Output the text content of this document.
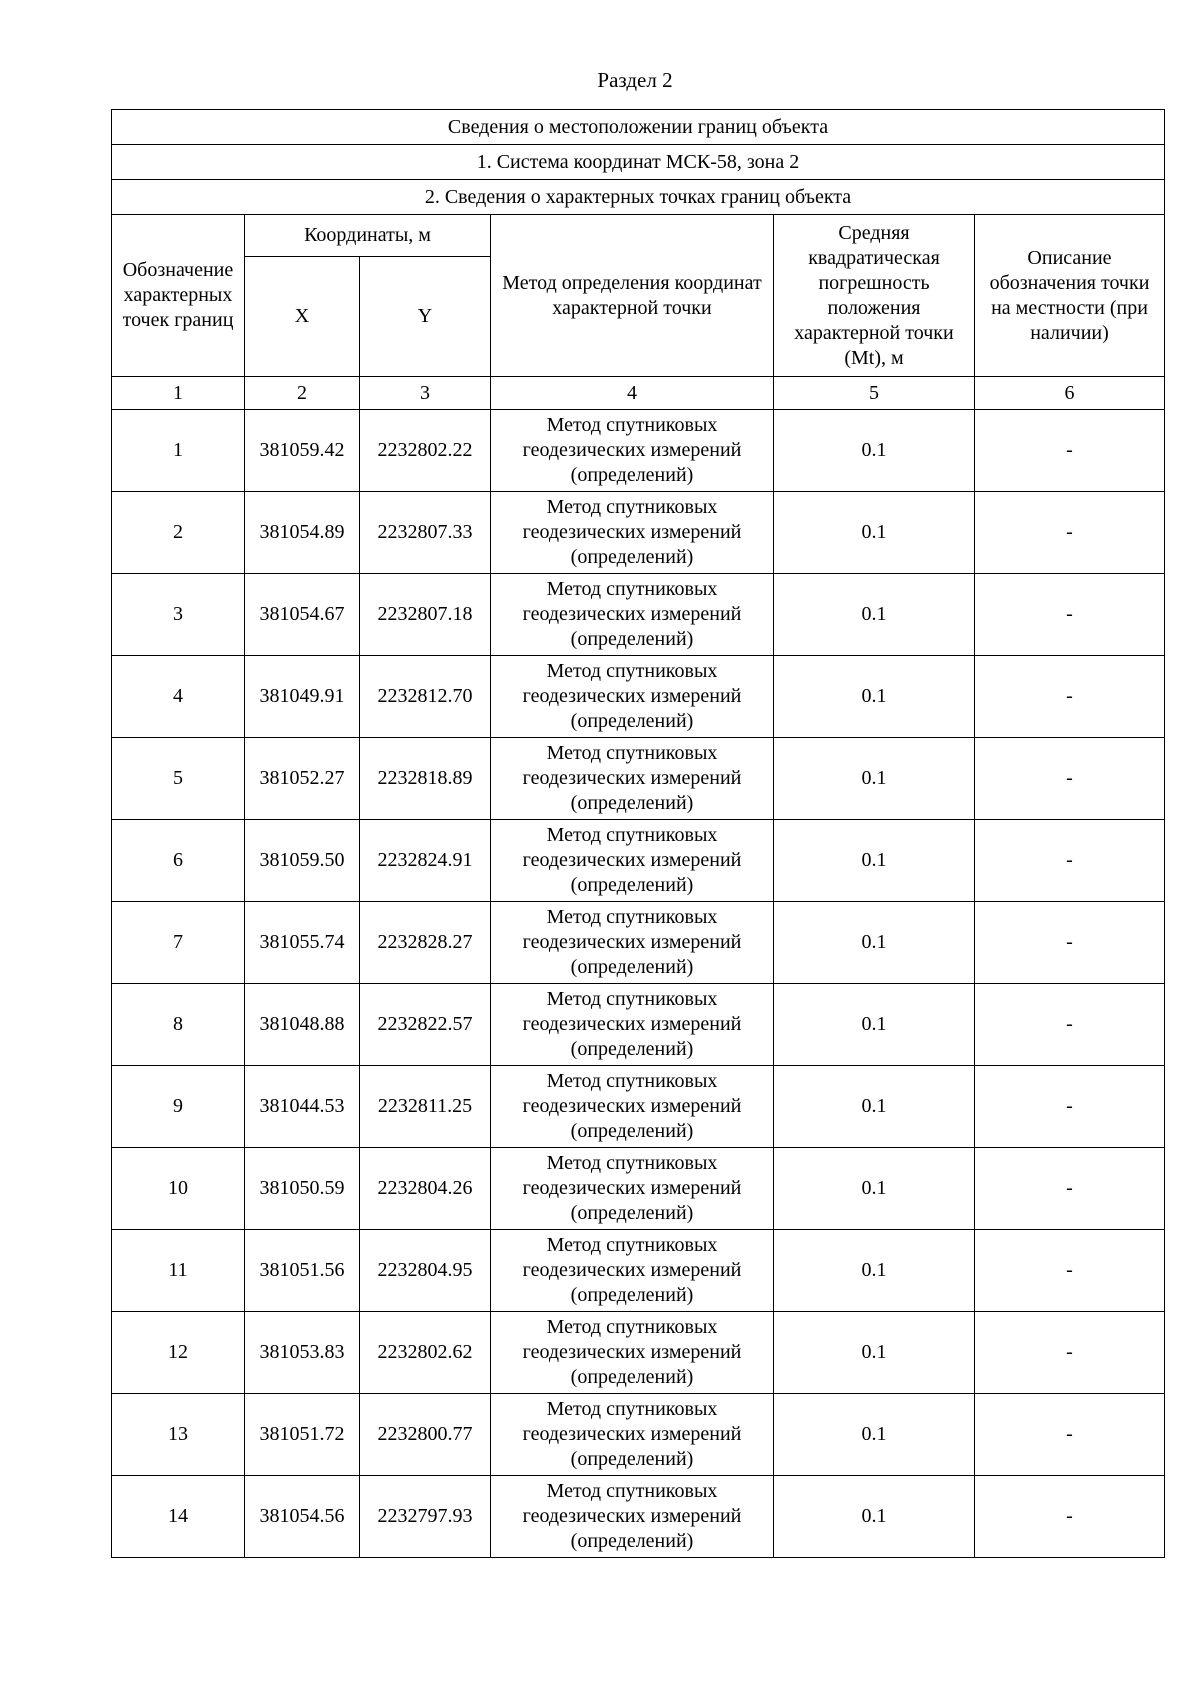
Раздел 2
Сведения о местоположении границ объекта					
1. Система координат МСК-58, зона 2					
2. Сведения о характерных точках границ объекта					
Обозначение характерных точек границ	Координаты, м		Метод определения координат характерной точки	Средняя квадратическая погрешность положения характерной точки (Mt), м	Описание обозначения точки на местности (при наличии)
	X	Y			
1	2	3	4	5	6
1	381059.42	2232802.22	Метод спутниковых геодезических измерений (определений)	0.1	-
2	381054.89	2232807.33	Метод спутниковых геодезических измерений (определений)	0.1	-
3	381054.67	2232807.18	Метод спутниковых геодезических измерений (определений)	0.1	-
4	381049.91	2232812.70	Метод спутниковых геодезических измерений (определений)	0.1	-
5	381052.27	2232818.89	Метод спутниковых геодезических измерений (определений)	0.1	-
6	381059.50	2232824.91	Метод спутниковых геодезических измерений (определений)	0.1	-
7	381055.74	2232828.27	Метод спутниковых геодезических измерений (определений)	0.1	-
8	381048.88	2232822.57	Метод спутниковых геодезических измерений (определений)	0.1	-
9	381044.53	2232811.25	Метод спутниковых геодезических измерений (определений)	0.1	-
10	381050.59	2232804.26	Метод спутниковых геодезических измерений (определений)	0.1	-
11	381051.56	2232804.95	Метод спутниковых геодезических измерений (определений)	0.1	-
12	381053.83	2232802.62	Метод спутниковых геодезических измерений (определений)	0.1	-
13	381051.72	2232800.77	Метод спутниковых геодезических измерений (определений)	0.1	-
14	381054.56	2232797.93	Метод спутниковых геодезических измерений (определений)	0.1	-
